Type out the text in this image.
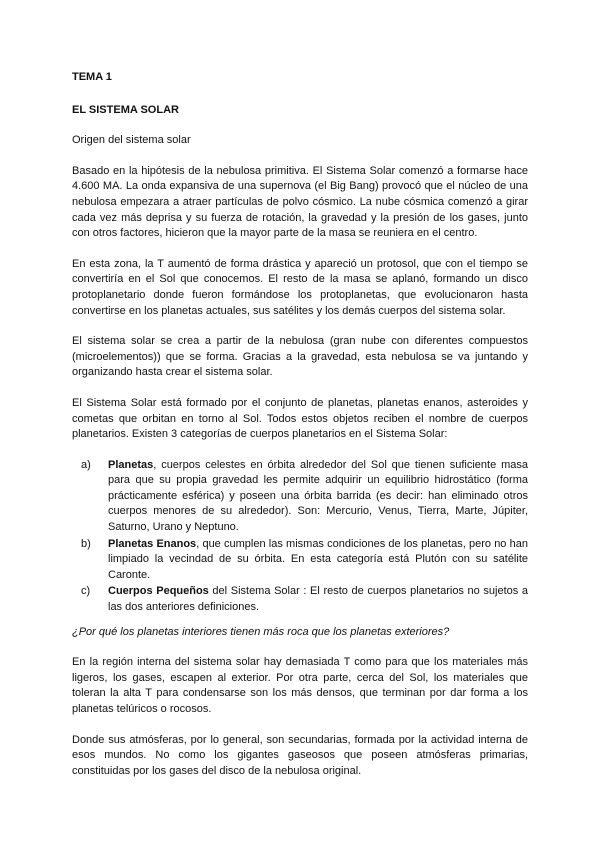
TEMA 1
EL SISTEMA SOLAR

Origen del sistema solar

Basado en la hipótesis de la nebulosa primitiva. El Sistema Solar comenzó a formarse hace 4.600 MA. La onda expansiva de una supernova (el Big Bang) provocó que el núcleo de una nebulosa empezara a atraer partículas de polvo cósmico. La nube cósmica comenzó a girar cada vez más deprisa y su fuerza de rotación, la gravedad y la presión de los gases, junto con otros factores, hicieron que la mayor parte de la masa se reuniera en el centro.

En esta zona, la T aumentó de forma drástica y apareció un protosol, que con el tiempo se convertiría en el Sol que conocemos. El resto de la masa se aplanó, formando un disco protoplanetario donde fueron formándose los protoplanetas, que evolucionaron hasta convertirse en los planetas actuales, sus satélites y los demás cuerpos del sistema solar.

El sistema solar se crea a partir de la nebulosa (gran nube con diferentes compuestos (microelementos)) que se forma. Gracias a la gravedad, esta nebulosa se va juntando y organizando hasta crear el sistema solar.

El Sistema Solar está formado por el conjunto de planetas, planetas enanos, asteroides y cometas que orbitan en torno al Sol. Todos estos objetos reciben el nombre de cuerpos planetarios. Existen 3 categorías de cuerpos planetarios en el Sistema Solar:

a) Planetas, cuerpos celestes en órbita alrededor del Sol que tienen suficiente masa para que su propia gravedad les permite adquirir un equilibrio hidrostático (forma prácticamente esférica) y poseen una órbita barrida (es decir: han eliminado otros cuerpos menores de su alrededor). Son: Mercurio, Venus, Tierra, Marte, Júpiter, Saturno, Urano y Neptuno.
b) Planetas Enanos, que cumplen las mismas condiciones de los planetas, pero no han limpiado la vecindad de su órbita. En esta categoría está Plutón con su satélite Caronte.
c) Cuerpos Pequeños del Sistema Solar : El resto de cuerpos planetarios no sujetos a las dos anteriores definiciones.

¿Por qué los planetas interiores tienen más roca que los planetas exteriores?

En la región interna del sistema solar hay demasiada T como para que los materiales más ligeros, los gases, escapen al exterior. Por otra parte, cerca del Sol, los materiales que toleran la alta T para condensarse son los más densos, que terminan por dar forma a los planetas telúricos o rocosos.

Donde sus atmósferas, por lo general, son secundarias, formada por la actividad interna de esos mundos. No como los gigantes gaseosos que poseen atmósferas primarias, constituidas por los gases del disco de la nebulosa original.
